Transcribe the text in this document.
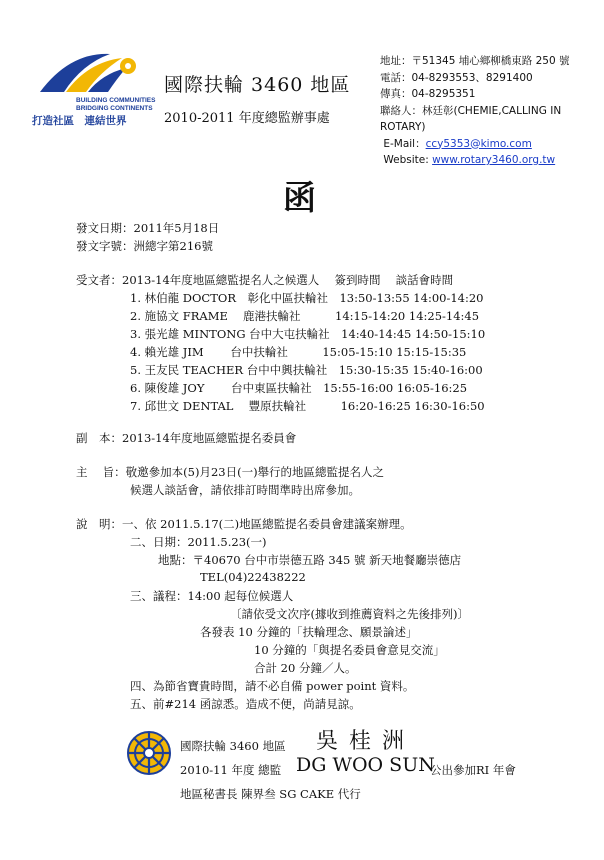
BUILDING COMMUNITIES
BRIDGING CONTINENTS
打造社區　連結世界
國際扶輪 3460 地區
2010-2011 年度總監辦事處
地址：〒51345 埔心鄉柳橋東路 250 號
電話：04-8293553、8291400
傳真：04-8295351
聯絡人：林廷彰(CHEMIE,CALLING IN ROTARY)
E-Mail：ccy5353@kimo.com
Website: www.rotary3460.org.tw
函
發文日期：2011年5月18日
發文字號：洲總字第216號
受文者：2013-14年度地區總監提名人之候選人　 簽到時間　 談話會時間
1. 林伯龍 DOCTOR　彰化中區扶輪社　13:50-13:55 14:00-14:20
2. 施協文 FRAME　 鹿港扶輪社　　　14:15-14:20 14:25-14:45
3. 張光雄 MINTONG 台中大屯扶輪社　14:40-14:45 14:50-15:10
4. 賴光雄 JIM　　 台中扶輪社　　　15:05-15:10 15:15-15:35
5. 王友民 TEACHER 台中中興扶輪社　15:30-15:35 15:40-16:00
6. 陳俊雄 JOY　　 台中東區扶輪社　15:55-16:00 16:05-16:25
7. 邱世文 DENTAL　 豐原扶輪社　　　16:20-16:25 16:30-16:50
副　本：2013-14年度地區總監提名委員會
主　 旨：敬邀參加本(5)月23日(一)舉行的地區總監提名人之
候選人談話會，請依排訂時間準時出席參加。
說　明：一、依 2011.5.17(二)地區總監提名委員會建議案辦理。
二、日期：2011.5.23(一)
地點：〒40670 台中市崇德五路 345 號 新天地餐廳崇德店
TEL(04)22438222
三、議程：14:00 起每位候選人
〔請依受文次序(據收到推薦資料之先後排列)〕
各發表 10 分鐘的「扶輪理念、願景論述」
10 分鐘的「與提名委員會意見交流」
合計 20 分鐘／人。
四、為節省寶貴時間，請不必自備 power point 資料。
五、前#214 函諒悉。造成不便，尚請見諒。
國際扶輪 3460 地區 吳 桂 洲
2010-11 年度 總監 DG WOO SUN
公出參加RI 年會
地區秘書長 陳界叁 SG CAKE 代行
